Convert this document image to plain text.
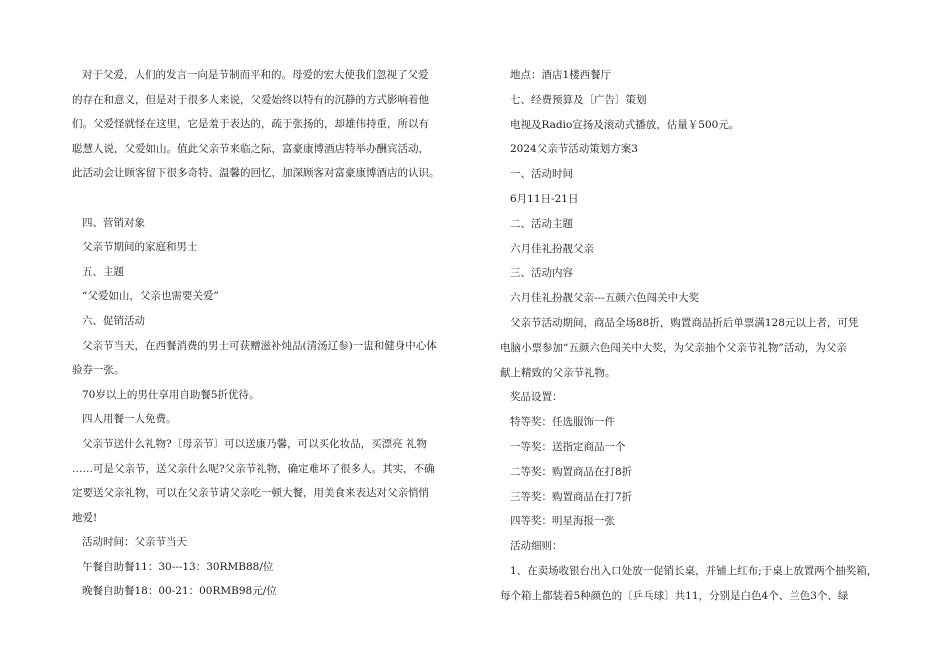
对于父爱，人们的发言一向是节制而平和的。母爱的宏大使我们忽视了父爱
的存在和意义，但是对于很多人来说，父爱始终以特有的沉静的方式影响着他
们。父爱怪就怪在这里，它是羞于表达的，疏于张扬的，却雄伟持重，所以有
聪慧人说，父爱如山。值此父亲节来临之际，富豪康博酒店特举办酬宾活动，
此活动会让顾客留下很多奇特、温馨的回忆，加深顾客对富豪康博酒店的认识。
四、营销对象
父亲节期间的家庭和男士
五、主题
“父爱如山，父亲也需要关爱”
六、促销活动
父亲节当天，在西餐消费的男士可获赠滋补炖品(清汤辽参)一盅和健身中心体
验券一张。
70岁以上的男仕享用自助餐5折优待。
四人用餐一人免费。
父亲节送什么礼物?〔母亲节〕可以送康乃馨，可以买化妆品，买漂亮 礼物
……可是父亲节，送父亲什么呢?父亲节礼物，确定难坏了很多人。其实，不确
定要送父亲礼物，可以在父亲节请父亲吃一顿大餐，用美食来表达对父亲悄悄
地爱!
活动时间：父亲节当天
午餐自助餐11：30---13：30RMB88/位
晚餐自助餐18：00-21：00RMB98元/位
地点：酒店1楼西餐厅
七、经费预算及〔广告〕策划
电视及Radio宣扬及滚动式播放，估量￥500元。
2024父亲节活动策划方案3
一、活动时间
6月11日-21日
二、活动主题
六月佳礼扮靓父亲
三、活动内容
六月佳礼扮靓父亲---五颜六色闯关中大奖
父亲节活动期间，商品全场88折，购置商品折后单票满128元以上者，可凭
电脑小票参加“五颜六色闯关中大奖，为父亲抽个父亲节礼物”活动，为父亲
献上精致的父亲节礼物。
奖品设置：
特等奖：任选服饰一件
一等奖：送指定商品一个
二等奖：购置商品在打8折
三等奖：购置商品在打7折
四等奖：明星海报一张
活动细则：
1、在卖场收银台出入口处放一促销长桌，并铺上红布;于桌上放置两个抽奖箱，
每个箱上都装着5种颜色的〔乒乓球〕共11，分别是白色4个、兰色3个、绿
